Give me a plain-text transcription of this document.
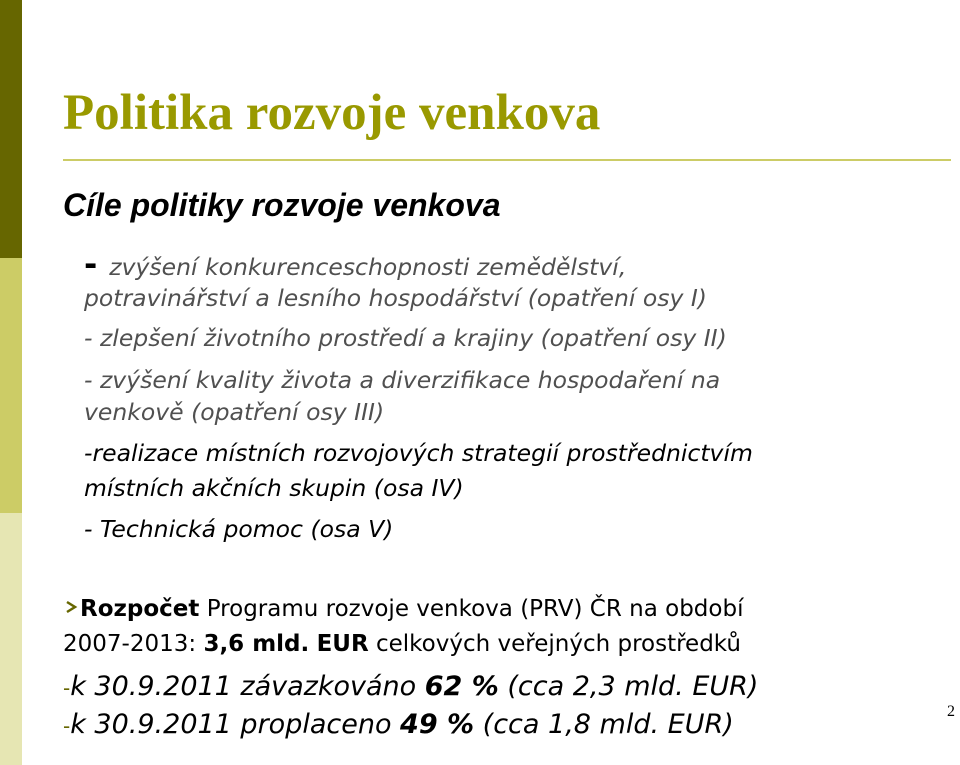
Politika rozvoje venkova
Cíle politiky rozvoje venkova
- zvýšení konkurenceschopnosti zemědělství,
potravinářství a lesního hospodářství (opatření osy I)
- zlepšení životního prostředí a krajiny (opatření osy II)
- zvýšení kvality života a diverzifikace hospodaření na
venkově (opatření osy III)
-realizace místních rozvojových strategií prostřednictvím
místních akčních skupin (osa IV)
- Technická pomoc (osa V)
Rozpočet Programu rozvoje venkova (PRV) ČR na období
2007-2013: 3,6 mld. EUR celkových veřejných prostředků
-k 30.9.2011 závazkováno 62 % (cca 2,3 mld. EUR)
-k 30.9.2011 proplaceno 49 % (cca 1,8 mld. EUR)	2
